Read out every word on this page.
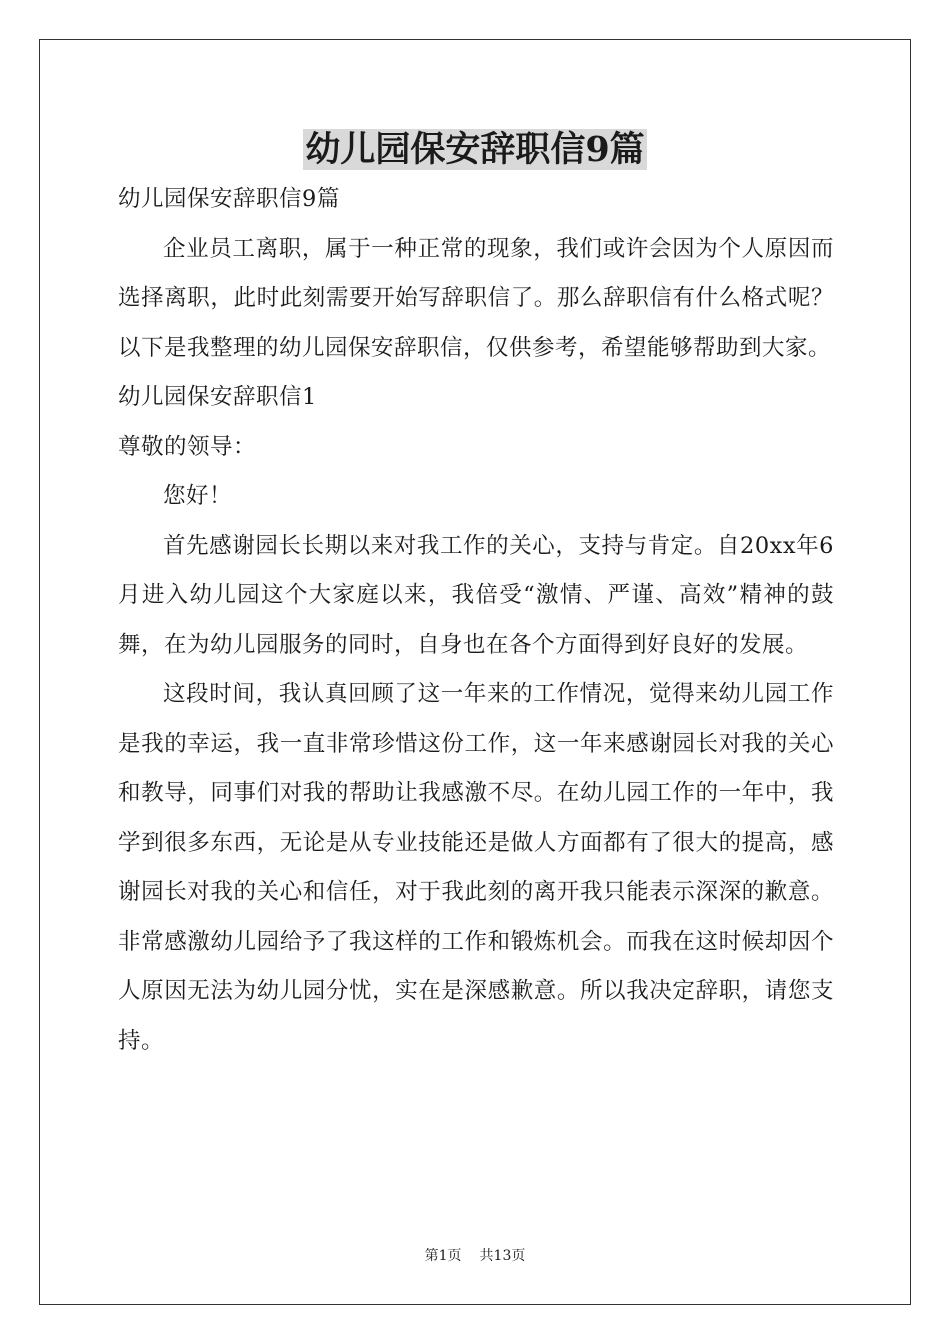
幼儿园保安辞职信9篇

幼儿园保安辞职信9篇

企业员工离职，属于一种正常的现象，我们或许会因为个人原因而选择离职，此时此刻需要开始写辞职信了。那么辞职信有什么格式呢？以下是我整理的幼儿园保安辞职信，仅供参考，希望能够帮助到大家。

幼儿园保安辞职信1

尊敬的领导：

您好！

首先感谢园长长期以来对我工作的关心，支持与肯定。自20xx年6月进入幼儿园这个大家庭以来，我倍受“激情、严谨、高效”精神的鼓舞，在为幼儿园服务的同时，自身也在各个方面得到好良好的发展。

这段时间，我认真回顾了这一年来的工作情况，觉得来幼儿园工作是我的幸运，我一直非常珍惜这份工作，这一年来感谢园长对我的关心和教导，同事们对我的帮助让我感激不尽。在幼儿园工作的一年中，我学到很多东西，无论是从专业技能还是做人方面都有了很大的提高，感谢园长对我的关心和信任，对于我此刻的离开我只能表示深深的歉意。非常感激幼儿园给予了我这样的工作和锻炼机会。而我在这时候却因个人原因无法为幼儿园分忧，实在是深感歉意。所以我决定辞职，请您支持。

第1页 共13页
